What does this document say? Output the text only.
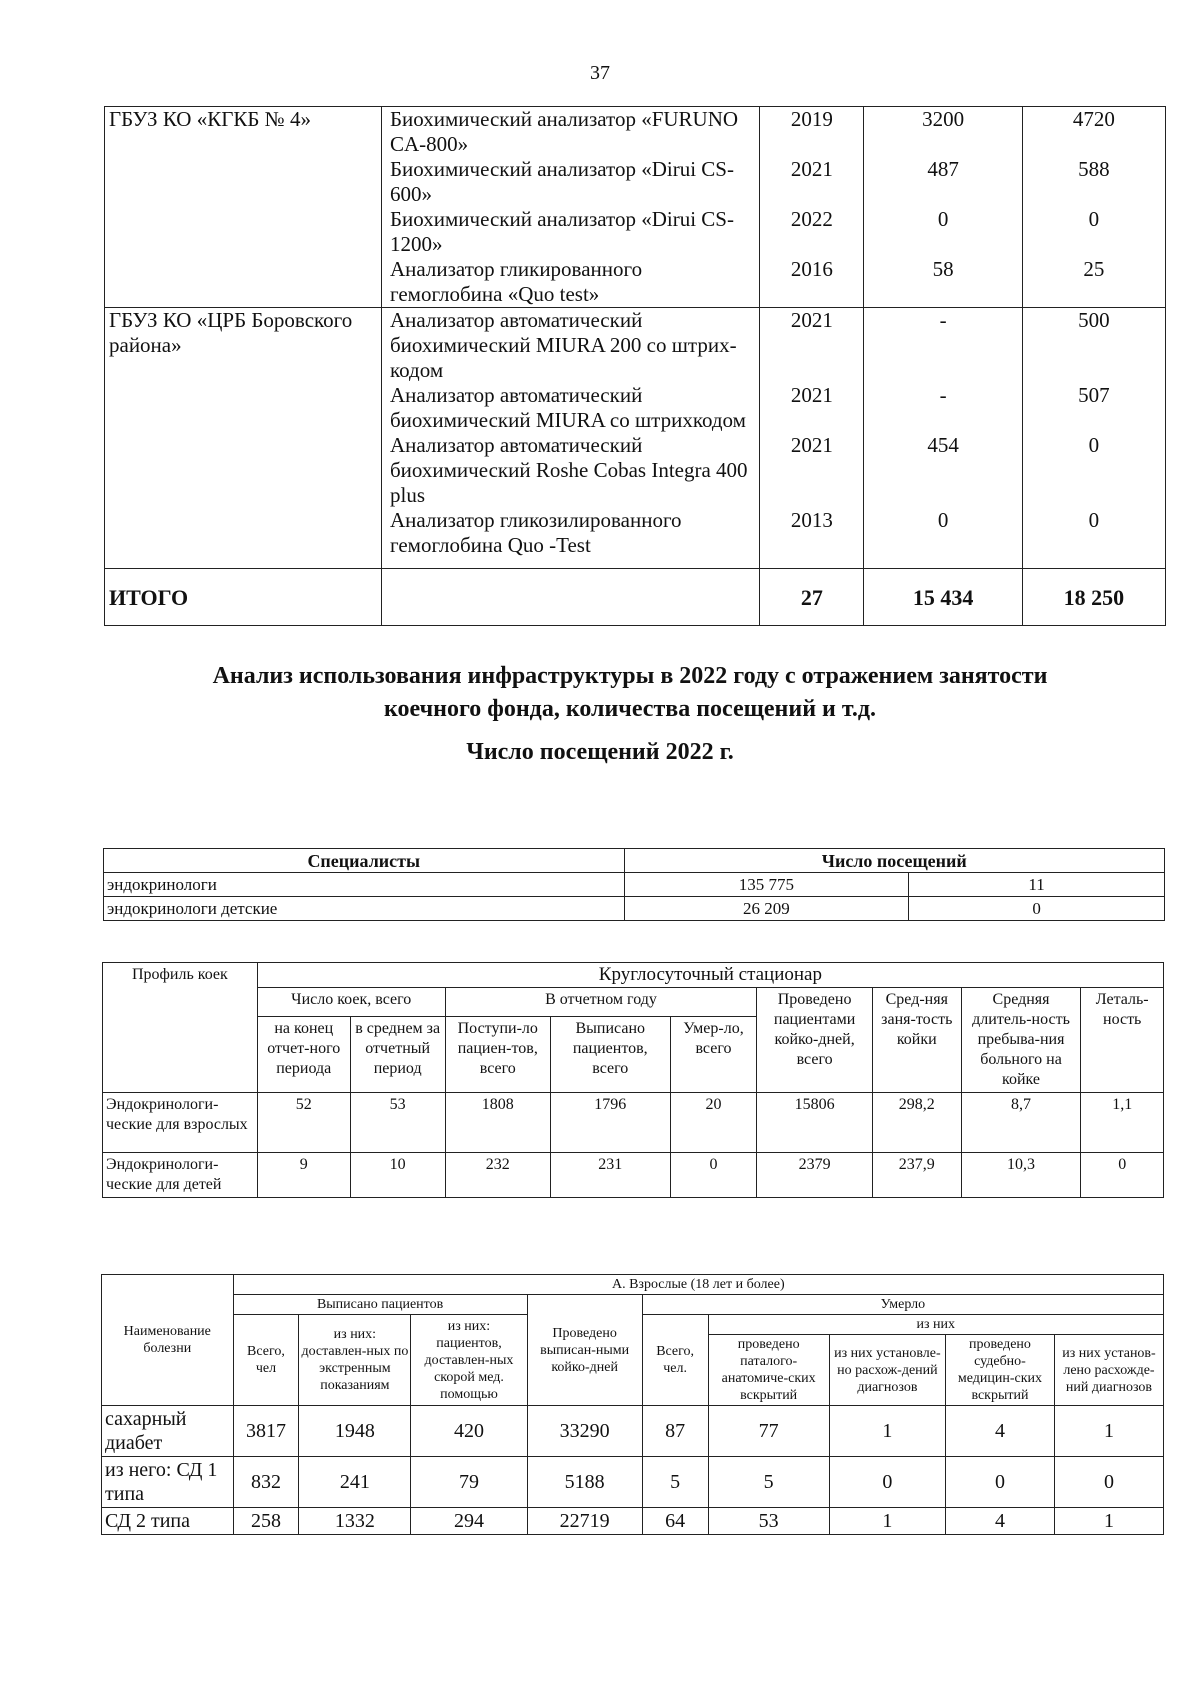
37
ГБУЗ КО «КГКБ № 4»	Биохимический анализатор «FURUNO CA-800»	2019	3200	4720
	Биохимический анализатор «Dirui CS-600»	2021	487	588
	Биохимический анализатор «Dirui CS-1200»	2022	0	0
	Анализатор гликированного гемоглобина «Quo test»	2016	58	25
ГБУЗ КО «ЦРБ Боровского района»	Анализатор автоматический биохимический MIURA 200 со штрих-кодом	2021	-	500
	Анализатор автоматический биохимический MIURA со штрихкодом	2021	-	507
	Анализатор автоматический биохимический Roshe Cobas Integra 400 plus	2021	454	0
	Анализатор гликозилированного гемоглобина Quo -Test	2013	0	0
ИТОГО		27	15 434	18 250
Анализ использования инфраструктуры в 2022 году с отражением занятости
коечного фонда, количества посещений и т.д.
Число посещений 2022 г.
Специалисты	Число посещений	
эндокринологи	135 775	11
эндокринологи детские	26 209	0
Профиль коек	Круглосуточный стационар								
	Число коек, всего		В отчетном году			Проведено пациентами койко-дней, всего	Сред-няя заня-тость койки	Средняя длитель-ность пребыва-ния больного на койке	Леталь-ность
	на конец отчет-ного периода	в среднем за отчетный период	Поступи-ло пациен-тов, всего	Выписано пациентов, всего	Умер-ло, всего				
Эндокринологи-ческие для взрослых	52	53	1808	1796	20	15806	298,2	8,7	1,1
Эндокринологи-ческие для детей	9	10	232	231	0	2379	237,9	10,3	0
Наименование болезни	А. Взрослые (18 лет и более)								
	Выписано пациентов			Проведено выписан-ными койко-дней	Умерло				
	Всего, чел	из них: доставлен-ных по экстренным показаниям	из них: пациентов, доставлен-ных скорой мед. помощью		Всего, чел.	из них			
						проведено паталого-анатомиче-ских вскрытий	из них установле-но расхож-дений диагнозов	проведено судебно-медицин-ских вскрытий	из них установ-лено расхожде-ний диагнозов
сахарный диабет	3817	1948	420	33290	87	77	1	4	1
из него: СД 1 типа	832	241	79	5188	5	5	0	0	0
СД 2 типа	258	1332	294	22719	64	53	1	4	1
